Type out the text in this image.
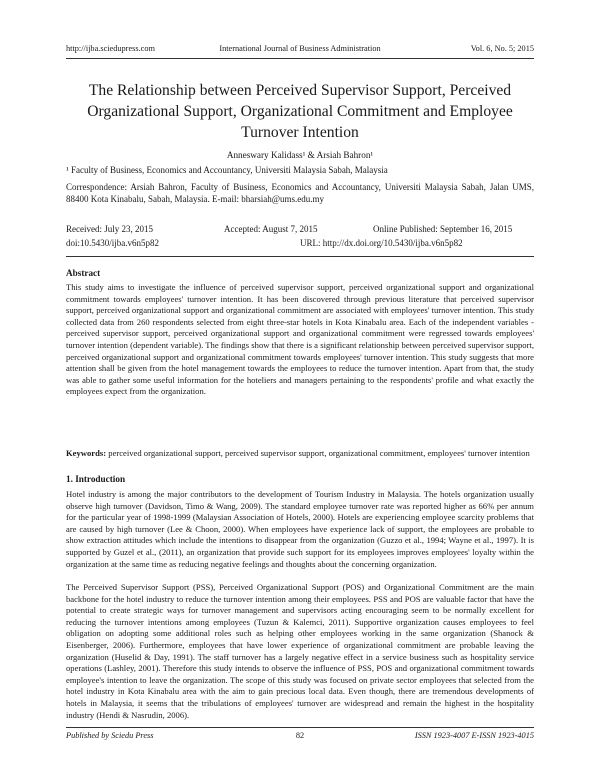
http://ijba.sciedupress.com	International Journal of Business Administration	Vol. 6, No. 5; 2015
The Relationship between Perceived Supervisor Support, Perceived Organizational Support, Organizational Commitment and Employee Turnover Intention
Anneswary Kalidass¹ & Arsiah Bahron¹
¹ Faculty of Business, Economics and Accountancy, Universiti Malaysia Sabah, Malaysia
Correspondence: Arsiah Bahron, Faculty of Business, Economics and Accountancy, Universiti Malaysia Sabah, Jalan UMS, 88400 Kota Kinabalu, Sabah, Malaysia. E-mail: bharsiah@ums.edu.my
Received: July 23, 2015	Accepted: August 7, 2015	Online Published: September 16, 2015
doi:10.5430/ijba.v6n5p82	URL: http://dx.doi.org/10.5430/ijba.v6n5p82
Abstract
This study aims to investigate the influence of perceived supervisor support, perceived organizational support and organizational commitment towards employees' turnover intention. It has been discovered through previous literature that perceived supervisor support, perceived organizational support and organizational commitment are associated with employees' turnover intention. This study collected data from 260 respondents selected from eight three-star hotels in Kota Kinabalu area. Each of the independent variables - perceived supervisor support, perceived organizational support and organizational commitment were regressed towards employees' turnover intention (dependent variable). The findings show that there is a significant relationship between perceived supervisor support, perceived organizational support and organizational commitment towards employees' turnover intention. This study suggests that more attention shall be given from the hotel management towards the employees to reduce the turnover intention. Apart from that, the study was able to gather some useful information for the hoteliers and managers pertaining to the respondents' profile and what exactly the employees expect from the organization.
Keywords: perceived organizational support, perceived supervisor support, organizational commitment, employees' turnover intention
1. Introduction

Hotel industry is among the major contributors to the development of Tourism Industry in Malaysia. The hotels organization usually observe high turnover (Davidson, Timo & Wang, 2009). The standard employee turnover rate was reported higher as 66% per annum for the particular year of 1998-1999 (Malaysian Association of Hotels, 2000). Hotels are experiencing employee scarcity problems that are caused by high turnover (Lee & Choon, 2000). When employees have experience lack of support, the employees are probable to show extraction attitudes which include the intentions to disappear from the organization (Guzzo et al., 1994; Wayne et al., 1997). It is supported by Guzel et al., (2011), an organization that provide such support for its employees improves employees' loyalty within the organization at the same time as reducing negative feelings and thoughts about the concerning organization.

The Perceived Supervisor Support (PSS), Perceived Organizational Support (POS) and Organizational Commitment are the main backbone for the hotel industry to reduce the turnover intention among their employees. PSS and POS are valuable factor that have the potential to create strategic ways for turnover management and supervisors acting encouraging seem to be normally excellent for reducing the turnover intentions among employees (Tuzun & Kalemci, 2011). Supportive organization causes employees to feel obligation on adopting some additional roles such as helping other employees working in the same organization (Shanock & Eisenberger, 2006). Furthermore, employees that have lower experience of organizational commitment are probable leaving the organization (Huselid & Day, 1991). The staff turnover has a largely negative effect in a service business such as hospitality service operations (Lashley, 2001). Therefore this study intends to observe the influence of PSS, POS and organizational commitment towards employee's intention to leave the organization. The scope of this study was focused on private sector employees that selected from the hotel industry in Kota Kinabalu area with the aim to gain precious local data. Even though, there are tremendous developments of hotels in Malaysia, it seems that the tribulations of employees' turnover are widespread and remain the highest in the hospitality industry (Hendi & Nasrudin, 2006).

Published by Sciedu Press	82	ISSN 1923-4007 E-ISSN 1923-4015
